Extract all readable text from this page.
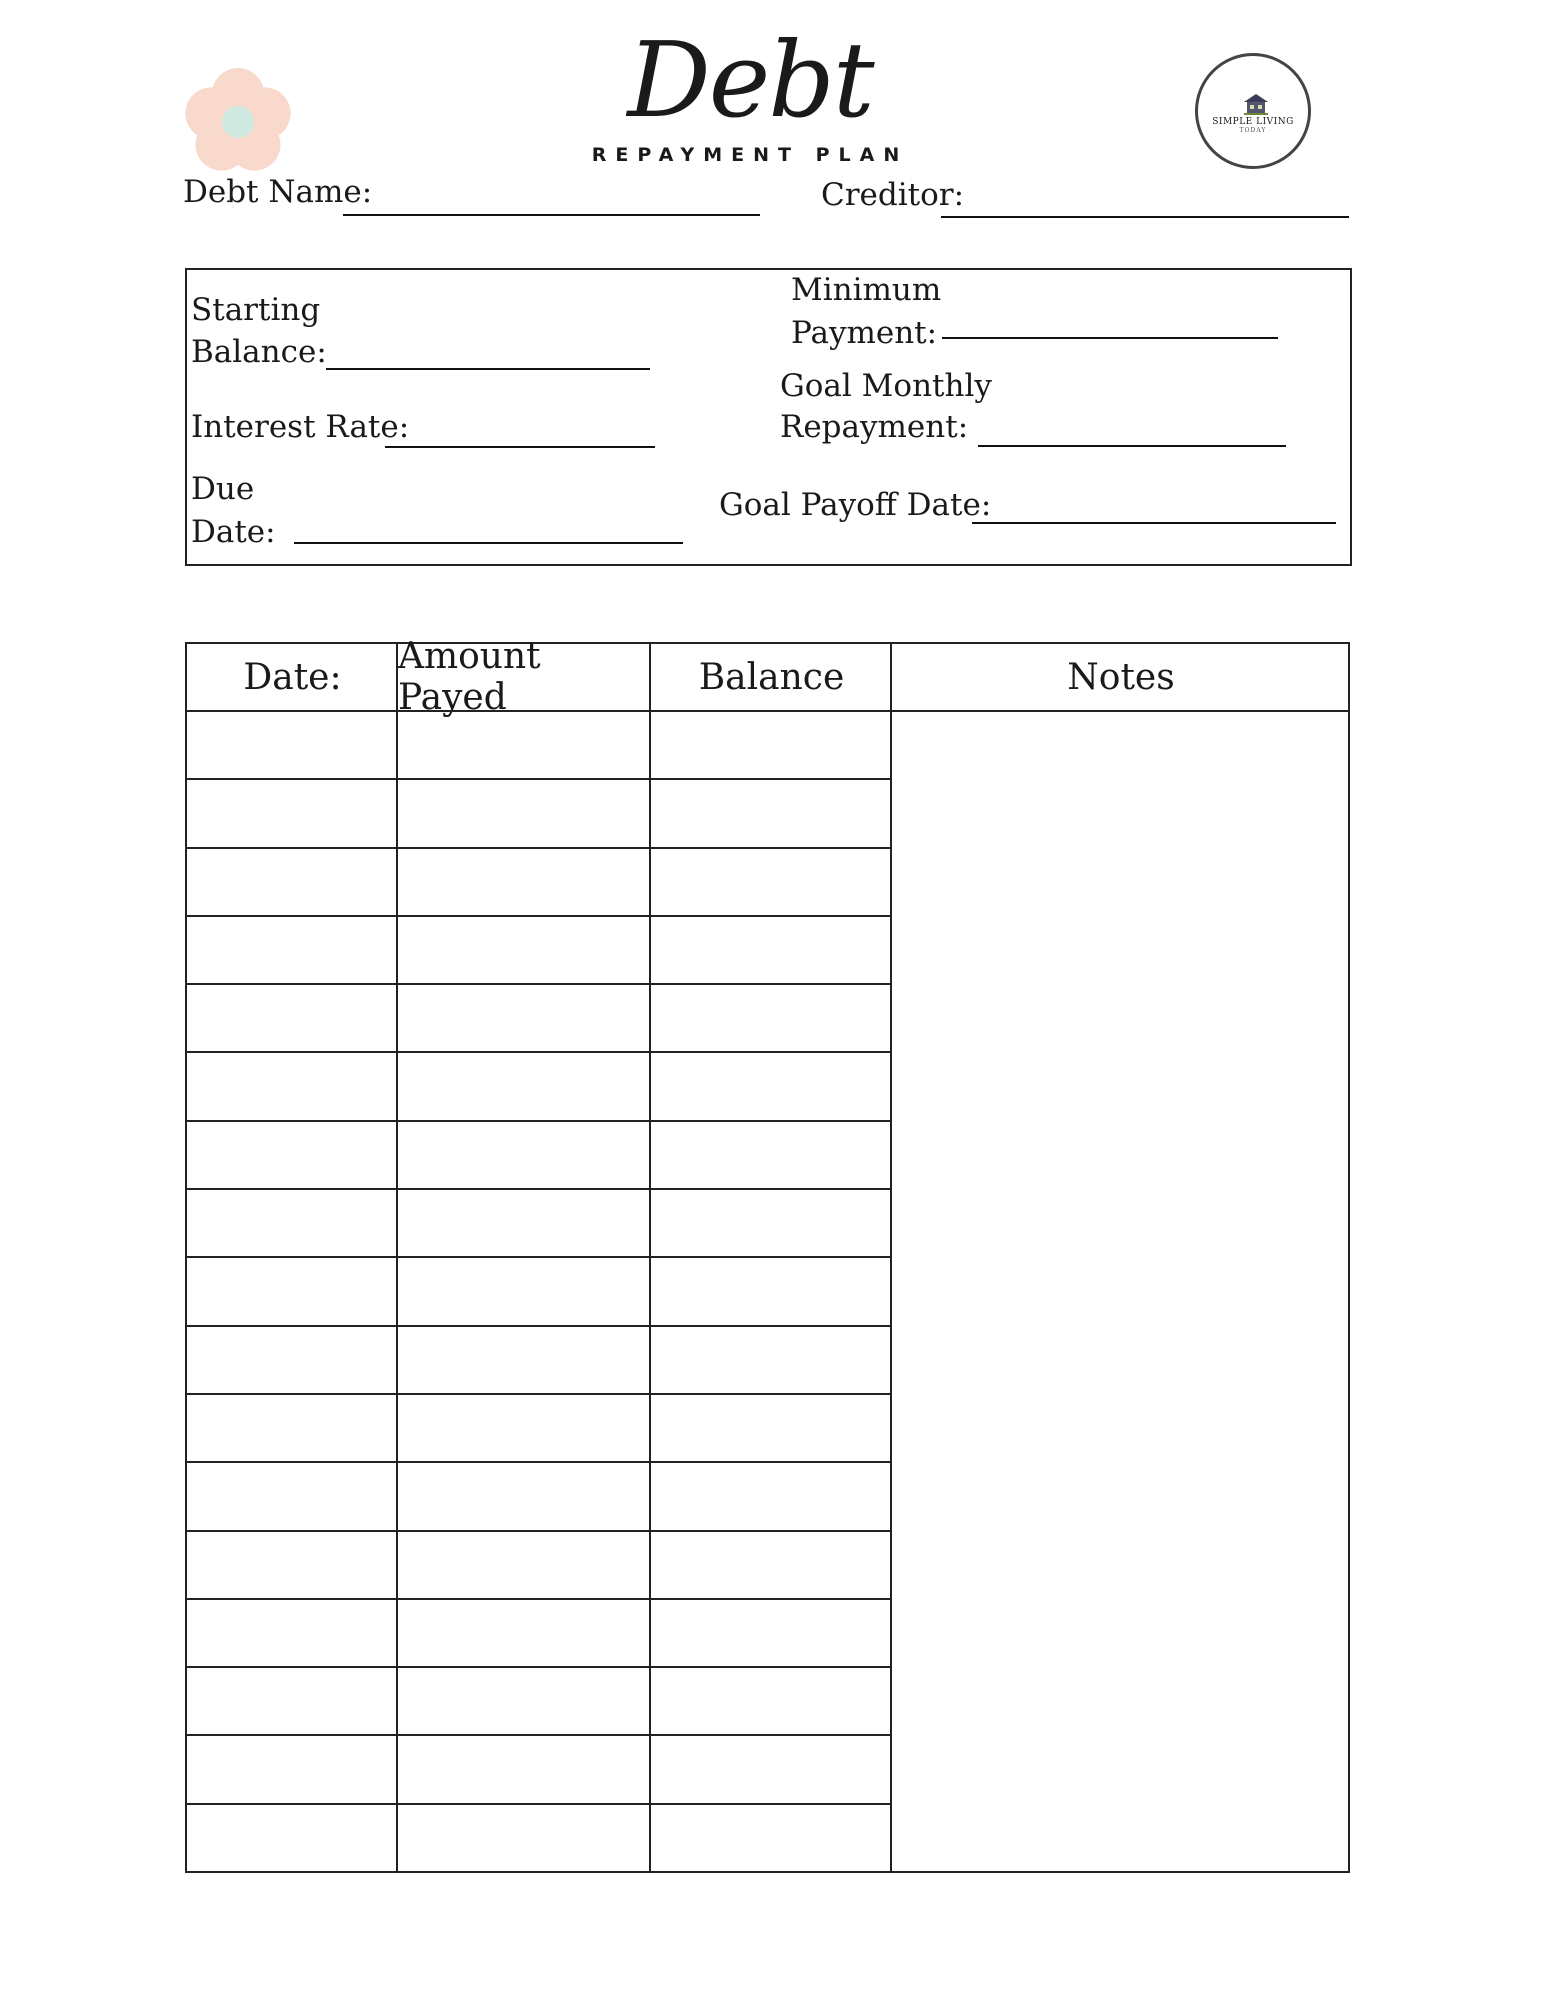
Debt
REPAYMENT PLAN
SIMPLE LIVING
TODAY
Debt Name:	Creditor:
Starting
Balance:
Interest Rate:
Due
Date:
Minimum
Payment:
Goal Monthly
Repayment:
Goal Payoff Date:
Date:	Amount Payed	Balance	Notes
